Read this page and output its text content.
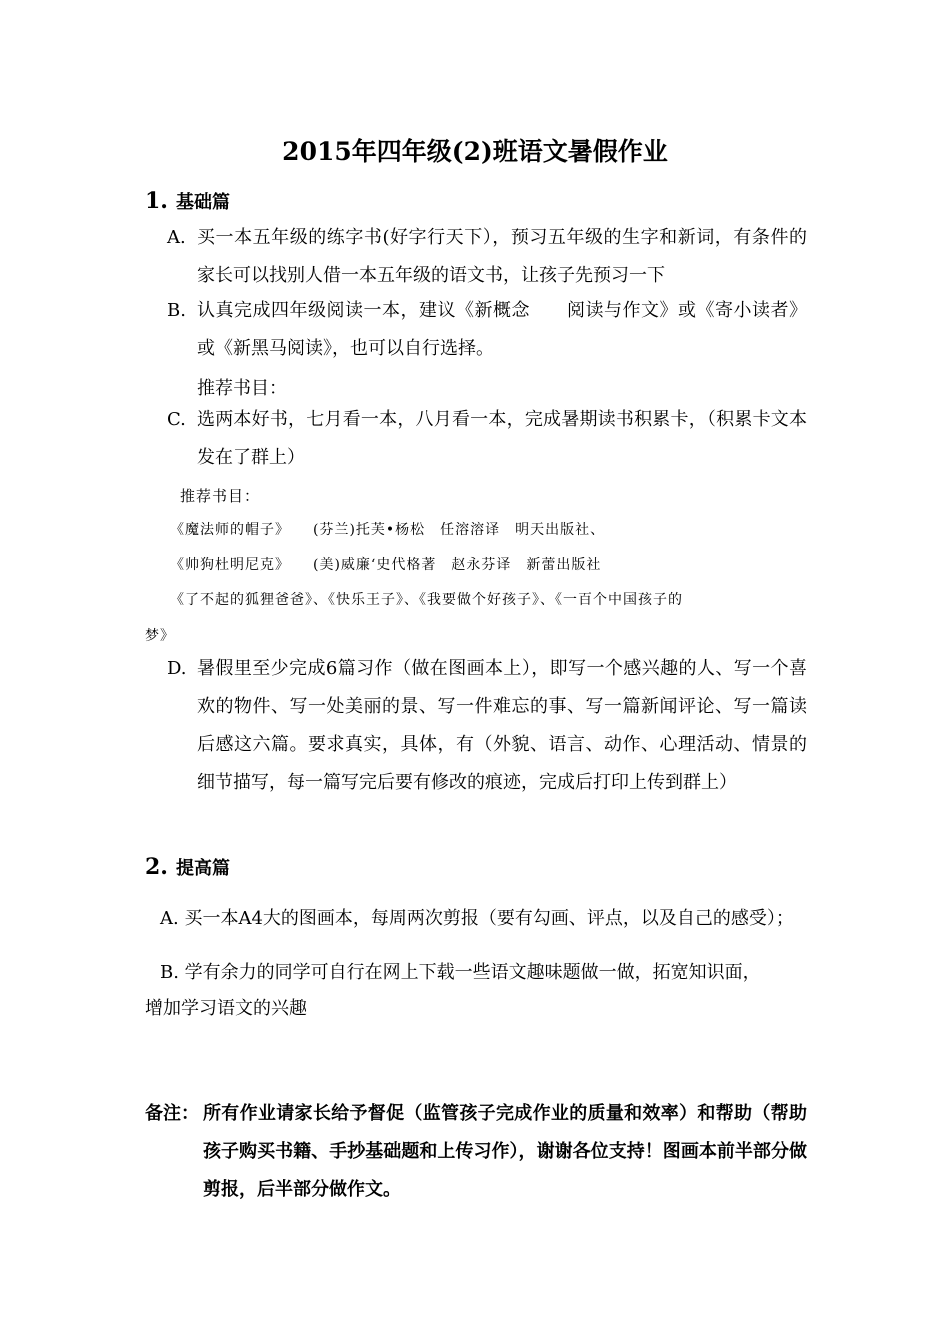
2015年四年级(2)班语文暑假作业
1. 基础篇
A. 买一本五年级的练字书(好字行天下），预习五年级的生字和新词，有条件的家长可以找别人借一本五年级的语文书，让孩子先预习一下
B. 认真完成四年级阅读一本，建议《新概念　　阅读与作文》或《寄小读者》或《新黑马阅读》，也可以自行选择。
推荐书目：
C. 选两本好书，七月看一本，八月看一本，完成暑期读书积累卡，（积累卡文本发在了群上）
推荐书目：
《魔法师的帽子》　　(芬兰)托芙•杨松　任溶溶译　明天出版社、
《帅狗杜明尼克》　　(美)威廉‘史代格著　赵永芬译　新蕾出版社
《了不起的狐狸爸爸》、《快乐王子》、《我要做个好孩子》、《一百个中国孩子的
梦》
D. 暑假里至少完成6篇习作（做在图画本上），即写一个感兴趣的人、写一个喜欢的物件、写一处美丽的景、写一件难忘的事、写一篇新闻评论、写一篇读后感这六篇。要求真实，具体，有（外貌、语言、动作、心理活动、情景的细节描写，每一篇写完后要有修改的痕迹，完成后打印上传到群上）
2. 提高篇
A. 买一本A4大的图画本，每周两次剪报（要有勾画、评点，以及自己的感受）；
B. 学有余力的同学可自行在网上下载一些语文趣味题做一做，拓宽知识面，
增加学习语文的兴趣
备注： 所有作业请家长给予督促（监管孩子完成作业的质量和效率）和帮助（帮助孩子购买书籍、手抄基础题和上传习作），谢谢各位支持！图画本前半部分做剪报，后半部分做作文。
